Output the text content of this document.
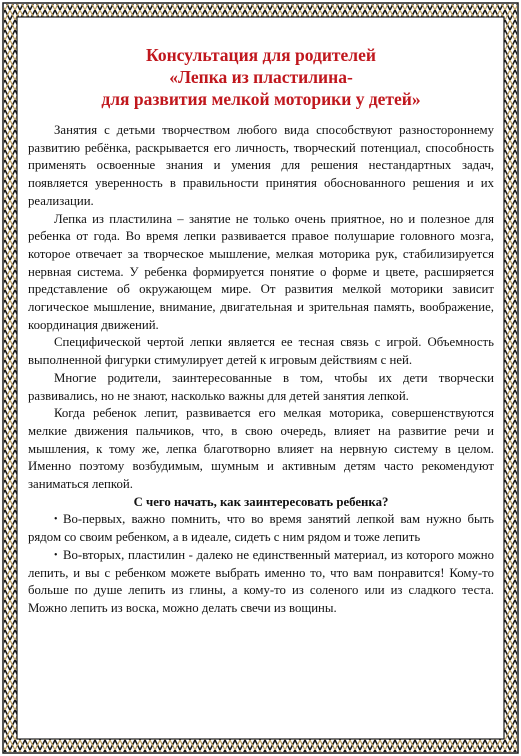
Консультация для родителей
«Лепка из пластилина-
для развития мелкой моторики у детей»

Занятия с детьми творчеством любого вида способствуют разностороннему развитию ребёнка, раскрывается его личность, творческий потенциал, способность применять освоенные знания и умения для решения нестандартных задач, появляется уверенность в правильности принятия обоснованного решения и их реализации.

Лепка из пластилина – занятие не только очень приятное, но и полезное для ребенка от года. Во время лепки развивается правое полушарие головного мозга, которое отвечает за творческое мышление, мелкая моторика рук, стабилизируется нервная система. У ребенка формируется понятие о форме и цвете, расширяется представление об окружающем мире. От развития мелкой моторики зависит логическое мышление, внимание, двигательная и зрительная память, воображение, координация движений.

Специфической чертой лепки является ее тесная связь с игрой. Объемность выполненной фигурки стимулирует детей к игровым действиям с ней.

Многие родители, заинтересованные в том, чтобы их дети творчески развивались, но не знают, насколько важны для детей занятия лепкой.

Когда ребенок лепит, развивается его мелкая моторика, совершенствуются мелкие движения пальчиков, что, в свою очередь, влияет на развитие речи и мышления, к тому же, лепка благотворно влияет на нервную систему в целом. Именно поэтому возбудимым, шумным и активным детям часто рекомендуют заниматься лепкой.

С чего начать, как заинтересовать ребенка?

• Во-первых, важно помнить, что во время занятий лепкой вам нужно быть рядом со своим ребенком, а в идеале, сидеть с ним рядом и тоже лепить

• Во-вторых, пластилин - далеко не единственный материал, из которого можно лепить, и вы с ребенком можете выбрать именно то, что вам понравится! Кому-то больше по душе лепить из глины, а кому-то из соленого или из сладкого теста. Можно лепить из воска, можно делать свечи из вощины.
